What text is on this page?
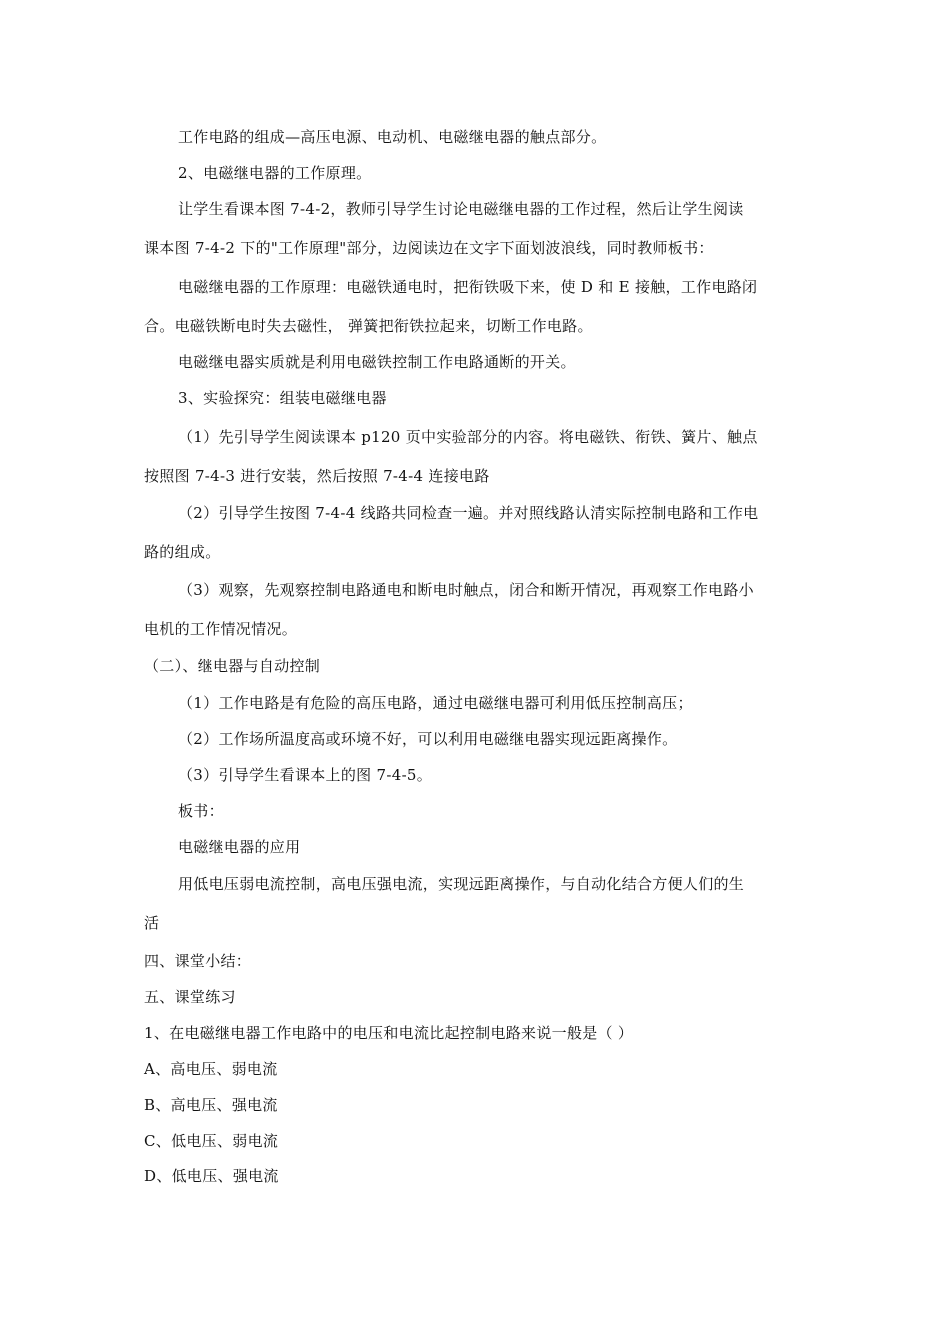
工作电路的组成—高压电源、电动机、电磁继电器的触点部分。
2、电磁继电器的工作原理。
让学生看课本图 7-4-2，教师引导学生讨论电磁继电器的工作过程，然后让学生阅读
课本图 7-4-2 下的"工作原理"部分，边阅读边在文字下面划波浪线，同时教师板书：
电磁继电器的工作原理：电磁铁通电时，把衔铁吸下来，使 D 和 E 接触，工作电路闭
合。电磁铁断电时失去磁性， 弹簧把衔铁拉起来，切断工作电路。
电磁继电器实质就是利用电磁铁控制工作电路通断的开关。
3、实验探究：组装电磁继电器
（1）先引导学生阅读课本 p120 页中实验部分的内容。将电磁铁、衔铁、簧片、触点
按照图 7-4-3 进行安装，然后按照 7-4-4 连接电路
（2）引导学生按图 7-4-4 线路共同检查一遍。并对照线路认清实际控制电路和工作电
路的组成。
（3）观察，先观察控制电路通电和断电时触点，闭合和断开情况，再观察工作电路小
电机的工作情况情况。
（二）、继电器与自动控制
（1）工作电路是有危险的高压电路，通过电磁继电器可利用低压控制高压；
（2）工作场所温度高或环境不好，可以利用电磁继电器实现远距离操作。
（3）引导学生看课本上的图 7-4-5。
板书：
电磁继电器的应用
用低电压弱电流控制，高电压强电流，实现远距离操作，与自动化结合方便人们的生
活
四、课堂小结：
五、课堂练习
1、在电磁继电器工作电路中的电压和电流比起控制电路来说一般是（ ）
A、高电压、弱电流
B、高电压、强电流
C、低电压、弱电流
D、低电压、强电流
